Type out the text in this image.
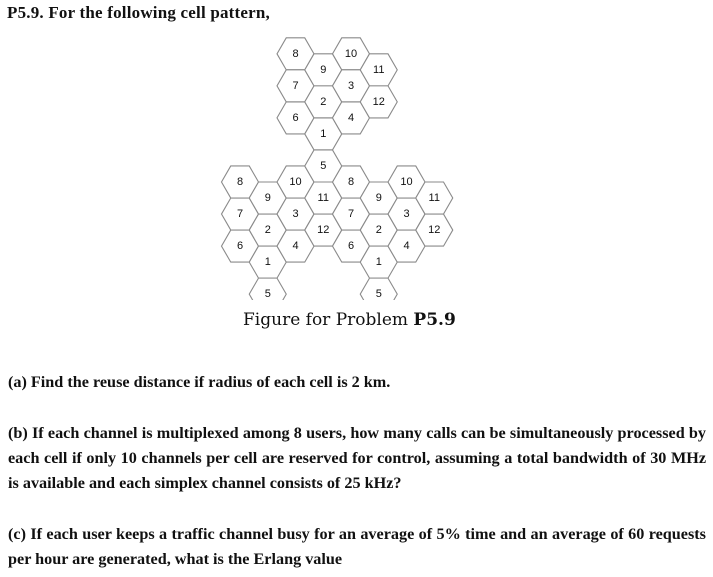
P5.9. For the following cell pattern,
8
7
6
9
2
1
5
10
3
4
11
12
8
7
6
9
2
1
5
10
3
4
11
12
8
7
6
9
2
1
5
10
3
4
11
12
Figure for Problem P5.9
(a) Find the reuse distance if radius of each cell is 2 km.
(b) If each channel is multiplexed among 8 users, how many calls can be simultaneously processed by each cell if only 10 channels per cell are reserved for control, assuming a total bandwidth of 30 MHz is available and each simplex channel consists of 25 kHz?
(c) If each user keeps a traffic channel busy for an average of 5% time and an average of 60 requests per hour are generated, what is the Erlang value
